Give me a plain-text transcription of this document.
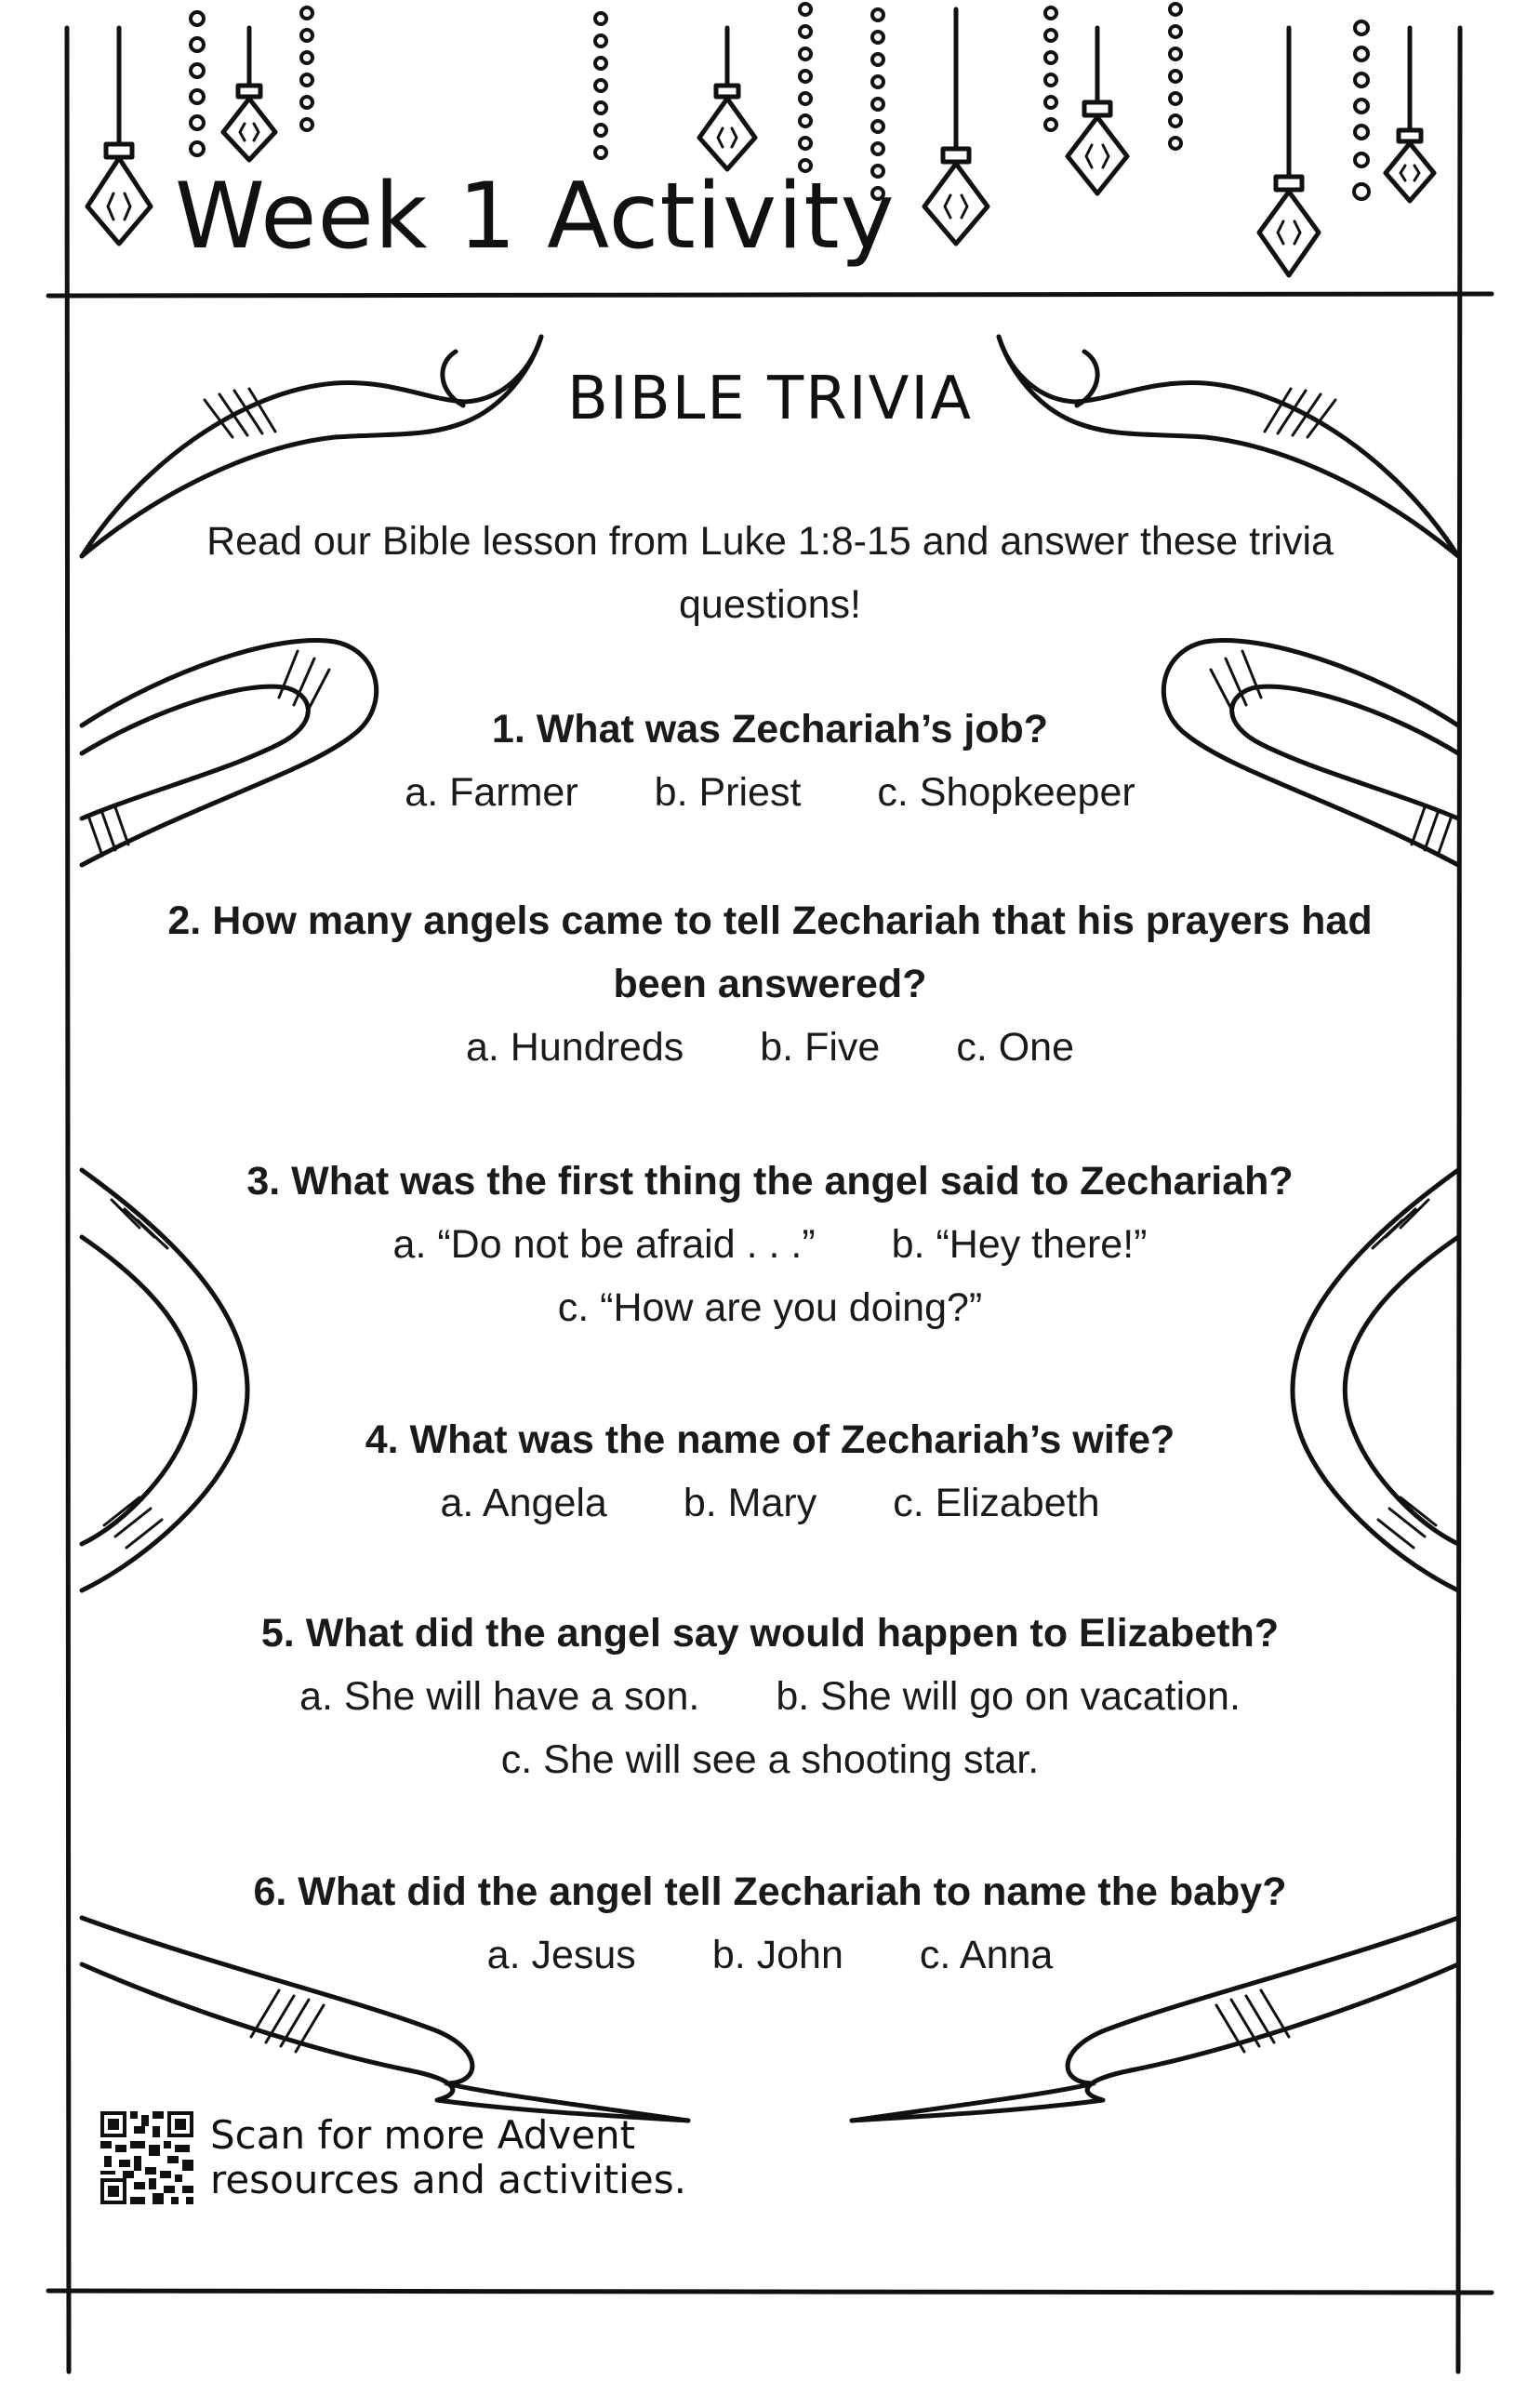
Week 1 Activity
BIBLE TRIVIA
Read our Bible lesson from Luke 1:8-15 and answer these trivia questions!
1. What was Zechariah’s job?
a. Farmer b. Priest c. Shopkeeper
2. How many angels came to tell Zechariah that his prayers had been answered?
a. Hundreds b. Five c. One
3. What was the first thing the angel said to Zechariah?
a. “Do not be afraid . . .” b. “Hey there!”
c. “How are you doing?”
4. What was the name of Zechariah’s wife?
a. Angela b. Mary c. Elizabeth
5. What did the angel say would happen to Elizabeth?
a. She will have a son. b. She will go on vacation.
c. She will see a shooting star.
6. What did the angel tell Zechariah to name the baby?
a. Jesus b. John c. Anna
Scan for more Advent
resources and activities.
